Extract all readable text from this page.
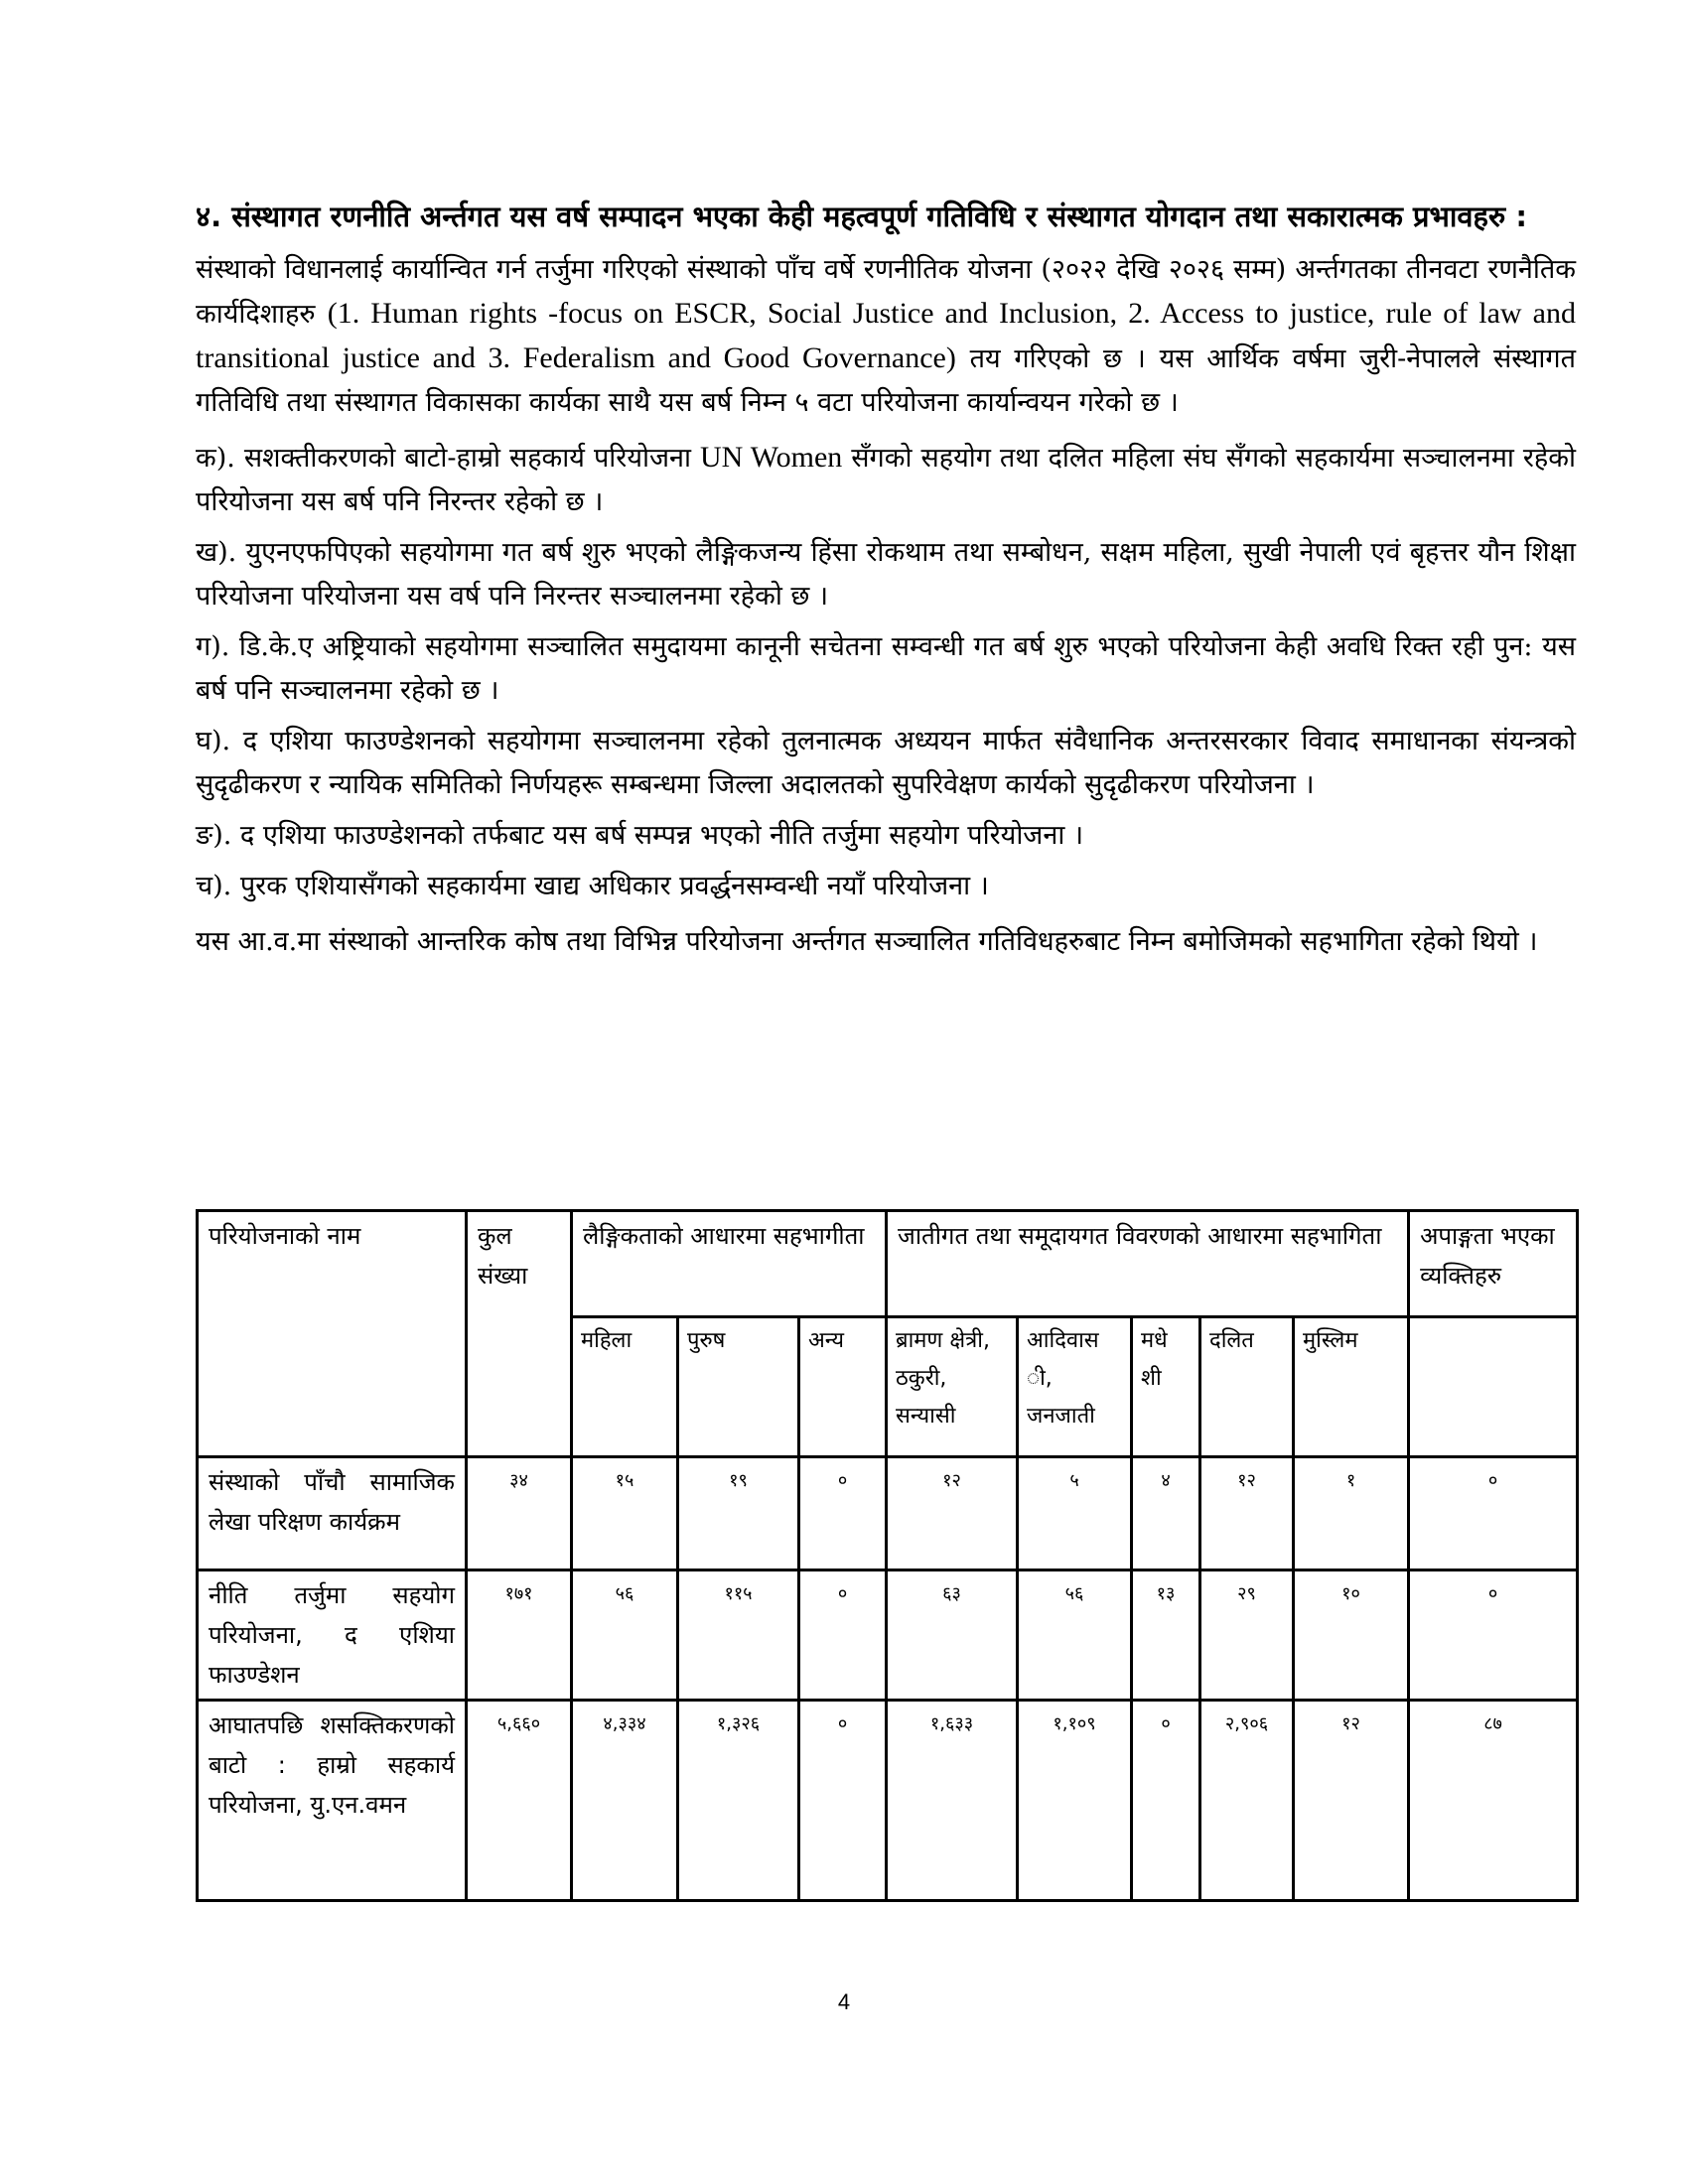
४. संस्थागत रणनीति अर्न्तगत यस वर्ष सम्पादन भएका केही महत्वपूर्ण गतिविधि र संस्थागत योगदान तथा सकारात्मक प्रभावहरु :

संस्थाको विधानलाई कार्यान्वित गर्न तर्जुमा गरिएको संस्थाको पाँच वर्षे रणनीतिक योजना (२०२२ देखि २०२६ सम्म) अर्न्तगतका तीनवटा रणनैतिक कार्यदिशाहरु (1. Human rights -focus on ESCR, Social Justice and Inclusion, 2. Access to justice, rule of law and transitional justice and 3. Federalism and Good Governance) तय गरिएको छ । यस आर्थिक वर्षमा जुरी-नेपालले संस्थागत गतिविधि तथा संस्थागत विकासका कार्यका साथै यस बर्ष निम्न ५ वटा परियोजना कार्यान्वयन गरेको छ ।

क). सशक्तीकरणको बाटो-हाम्रो सहकार्य परियोजना UN Women सँगको सहयोग तथा दलित महिला संघ सँगको सहकार्यमा सञ्चालनमा रहेको परियोजना यस बर्ष पनि निरन्तर रहेको छ ।

ख). युएनएफपिएको सहयोगमा गत बर्ष शुरु भएको लैङ्गिकजन्य हिंसा रोकथाम तथा सम्बोधन, सक्षम महिला, सुखी नेपाली एवं बृहत्तर यौन शिक्षा परियोजना परियोजना यस वर्ष पनि निरन्तर सञ्चालनमा रहेको छ ।

ग). डि.के.ए अष्ट्रियाको सहयोगमा सञ्चालित समुदायमा कानूनी सचेतना सम्वन्धी गत बर्ष शुरु भएको परियोजना केही अवधि रिक्त रही पुन: यस बर्ष पनि सञ्चालनमा रहेको छ ।

घ). द एशिया फाउण्डेशनको सहयोगमा सञ्चालनमा रहेको तुलनात्मक अध्ययन मार्फत संवैधानिक अन्तरसरकार विवाद समाधानका संयन्त्रको सुदृढीकरण र न्यायिक समितिको निर्णयहरू सम्बन्धमा जिल्ला अदालतको सुपरिवेक्षण कार्यको सुदृढीकरण परियोजना ।

ङ). द एशिया फाउण्डेशनको तर्फबाट यस बर्ष सम्पन्न भएको नीति तर्जुमा सहयोग परियोजना ।

च). पुरक एशियासँगको सहकार्यमा खाद्य अधिकार प्रवर्द्धनसम्वन्धी नयाँ परियोजना ।

यस आ.व.मा संस्थाको आन्तरिक कोष तथा विभिन्न परियोजना अर्न्तगत सञ्चालित गतिविधहरुबाट निम्न बमोजिमको सहभागिता रहेको थियो ।

परियोजनाको नाम	कुल संख्या	लैङ्गिकताको आधारमा सहभागीता			जातीगत तथा समूदायगत विवरणको आधारमा सहभागिता					अपाङ्गता भएका व्यक्तिहरु
		महिला	पुरुष	अन्य	ब्रामण क्षेत्री, ठकुरी, सन्यासी	आदिवास ी, जनजाती	मधे शी	दलित	मुस्लिम	
संस्थाको पाँचौ सामाजिक लेखा परिक्षण कार्यक्रम	३४	१५	१९	०	१२	५	४	१२	१	०
नीति तर्जुमा सहयोग परियोजना, द एशिया फाउण्डेशन	१७१	५६	११५	०	६३	५६	१३	२९	१०	०
आघातपछि शसक्तिकरणको बाटो : हाम्रो सहकार्य परियोजना, यु.एन.वमन	५,६६०	४,३३४	१,३२६	०	१,६३३	१,१०९	०	२,९०६	१२	८७
4
